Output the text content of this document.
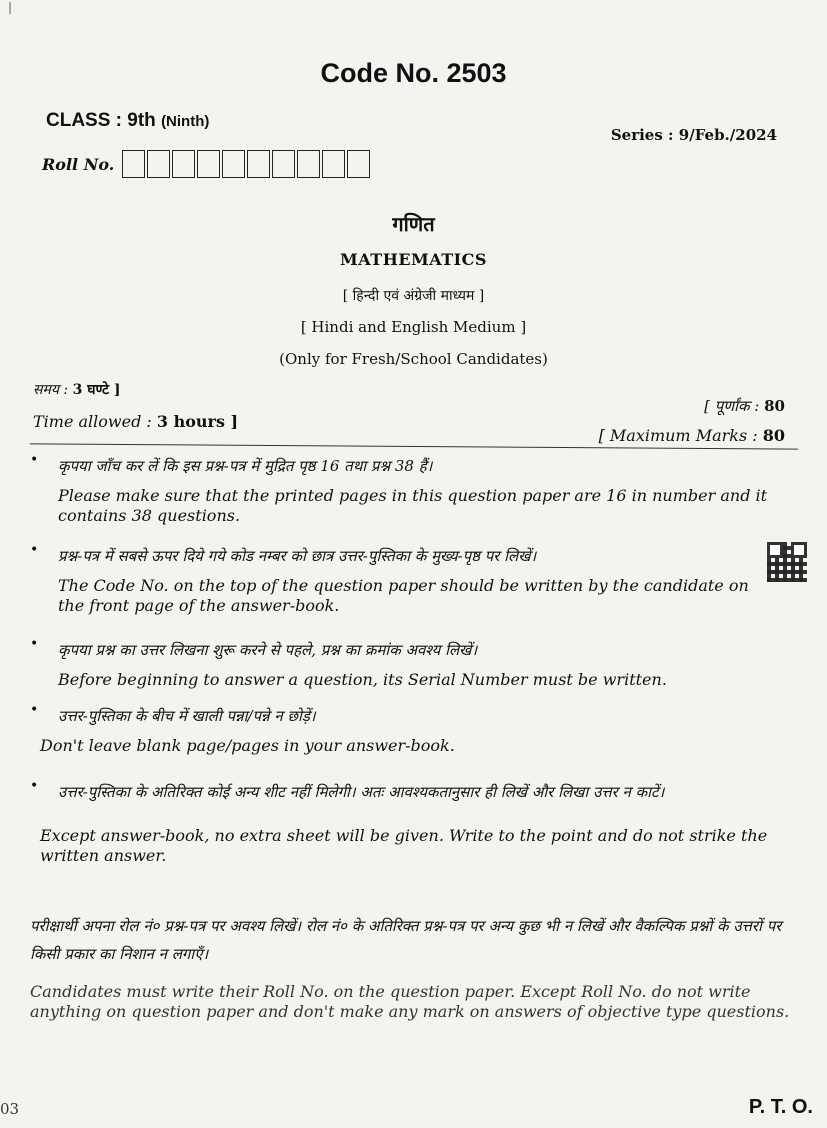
|
Code No. 2503
CLASS : 9th (Ninth)
Series : 9/Feb./2024
Roll No.
गणित
MATHEMATICS
[ हिन्दी एवं अंग्रेजी माध्यम ]
[ Hindi and English Medium ]
(Only for Fresh/School Candidates)
समय : 3 घण्टे ]
Time allowed : 3 hours ]
[ पूर्णांक : 80
[ Maximum Marks : 80
•	कृपया जाँच कर लें कि इस प्रश्न-पत्र में मुद्रित पृष्ठ 16 तथा प्रश्न 38 हैं।
Please make sure that the printed pages in this question paper are 16 in number and it contains 38 questions.
•	प्रश्न-पत्र में सबसे ऊपर दिये गये कोड नम्बर को छात्र उत्तर-पुस्तिका के मुख्य-पृष्ठ पर लिखें।
The Code No. on the top of the question paper should be written by the candidate on the front page of the answer-book.
•	कृपया प्रश्न का उत्तर लिखना शुरू करने से पहले, प्रश्न का क्रमांक अवश्य लिखें।
Before beginning to answer a question, its Serial Number must be written.
•	उत्तर-पुस्तिका के बीच में खाली पन्ना/पन्ने न छोड़ें।
Don't leave blank page/pages in your answer-book.
•	उत्तर-पुस्तिका के अतिरिक्त कोई अन्य शीट नहीं मिलेगी। अतः आवश्यकतानुसार ही लिखें और लिखा उत्तर न काटें।
Except answer-book, no extra sheet will be given. Write to the point and do not strike the written answer.
परीक्षार्थी अपना रोल नं० प्रश्न-पत्र पर अवश्य लिखें। रोल नं० के अतिरिक्त प्रश्न-पत्र पर अन्य कुछ भी न लिखें और वैकल्पिक प्रश्नों के उत्तरों पर किसी प्रकार का निशान न लगाएँ।
Candidates must write their Roll No. on the question paper. Except Roll No. do not write anything on question paper and don't make any mark on answers of objective type questions.
03	P. T. O.
